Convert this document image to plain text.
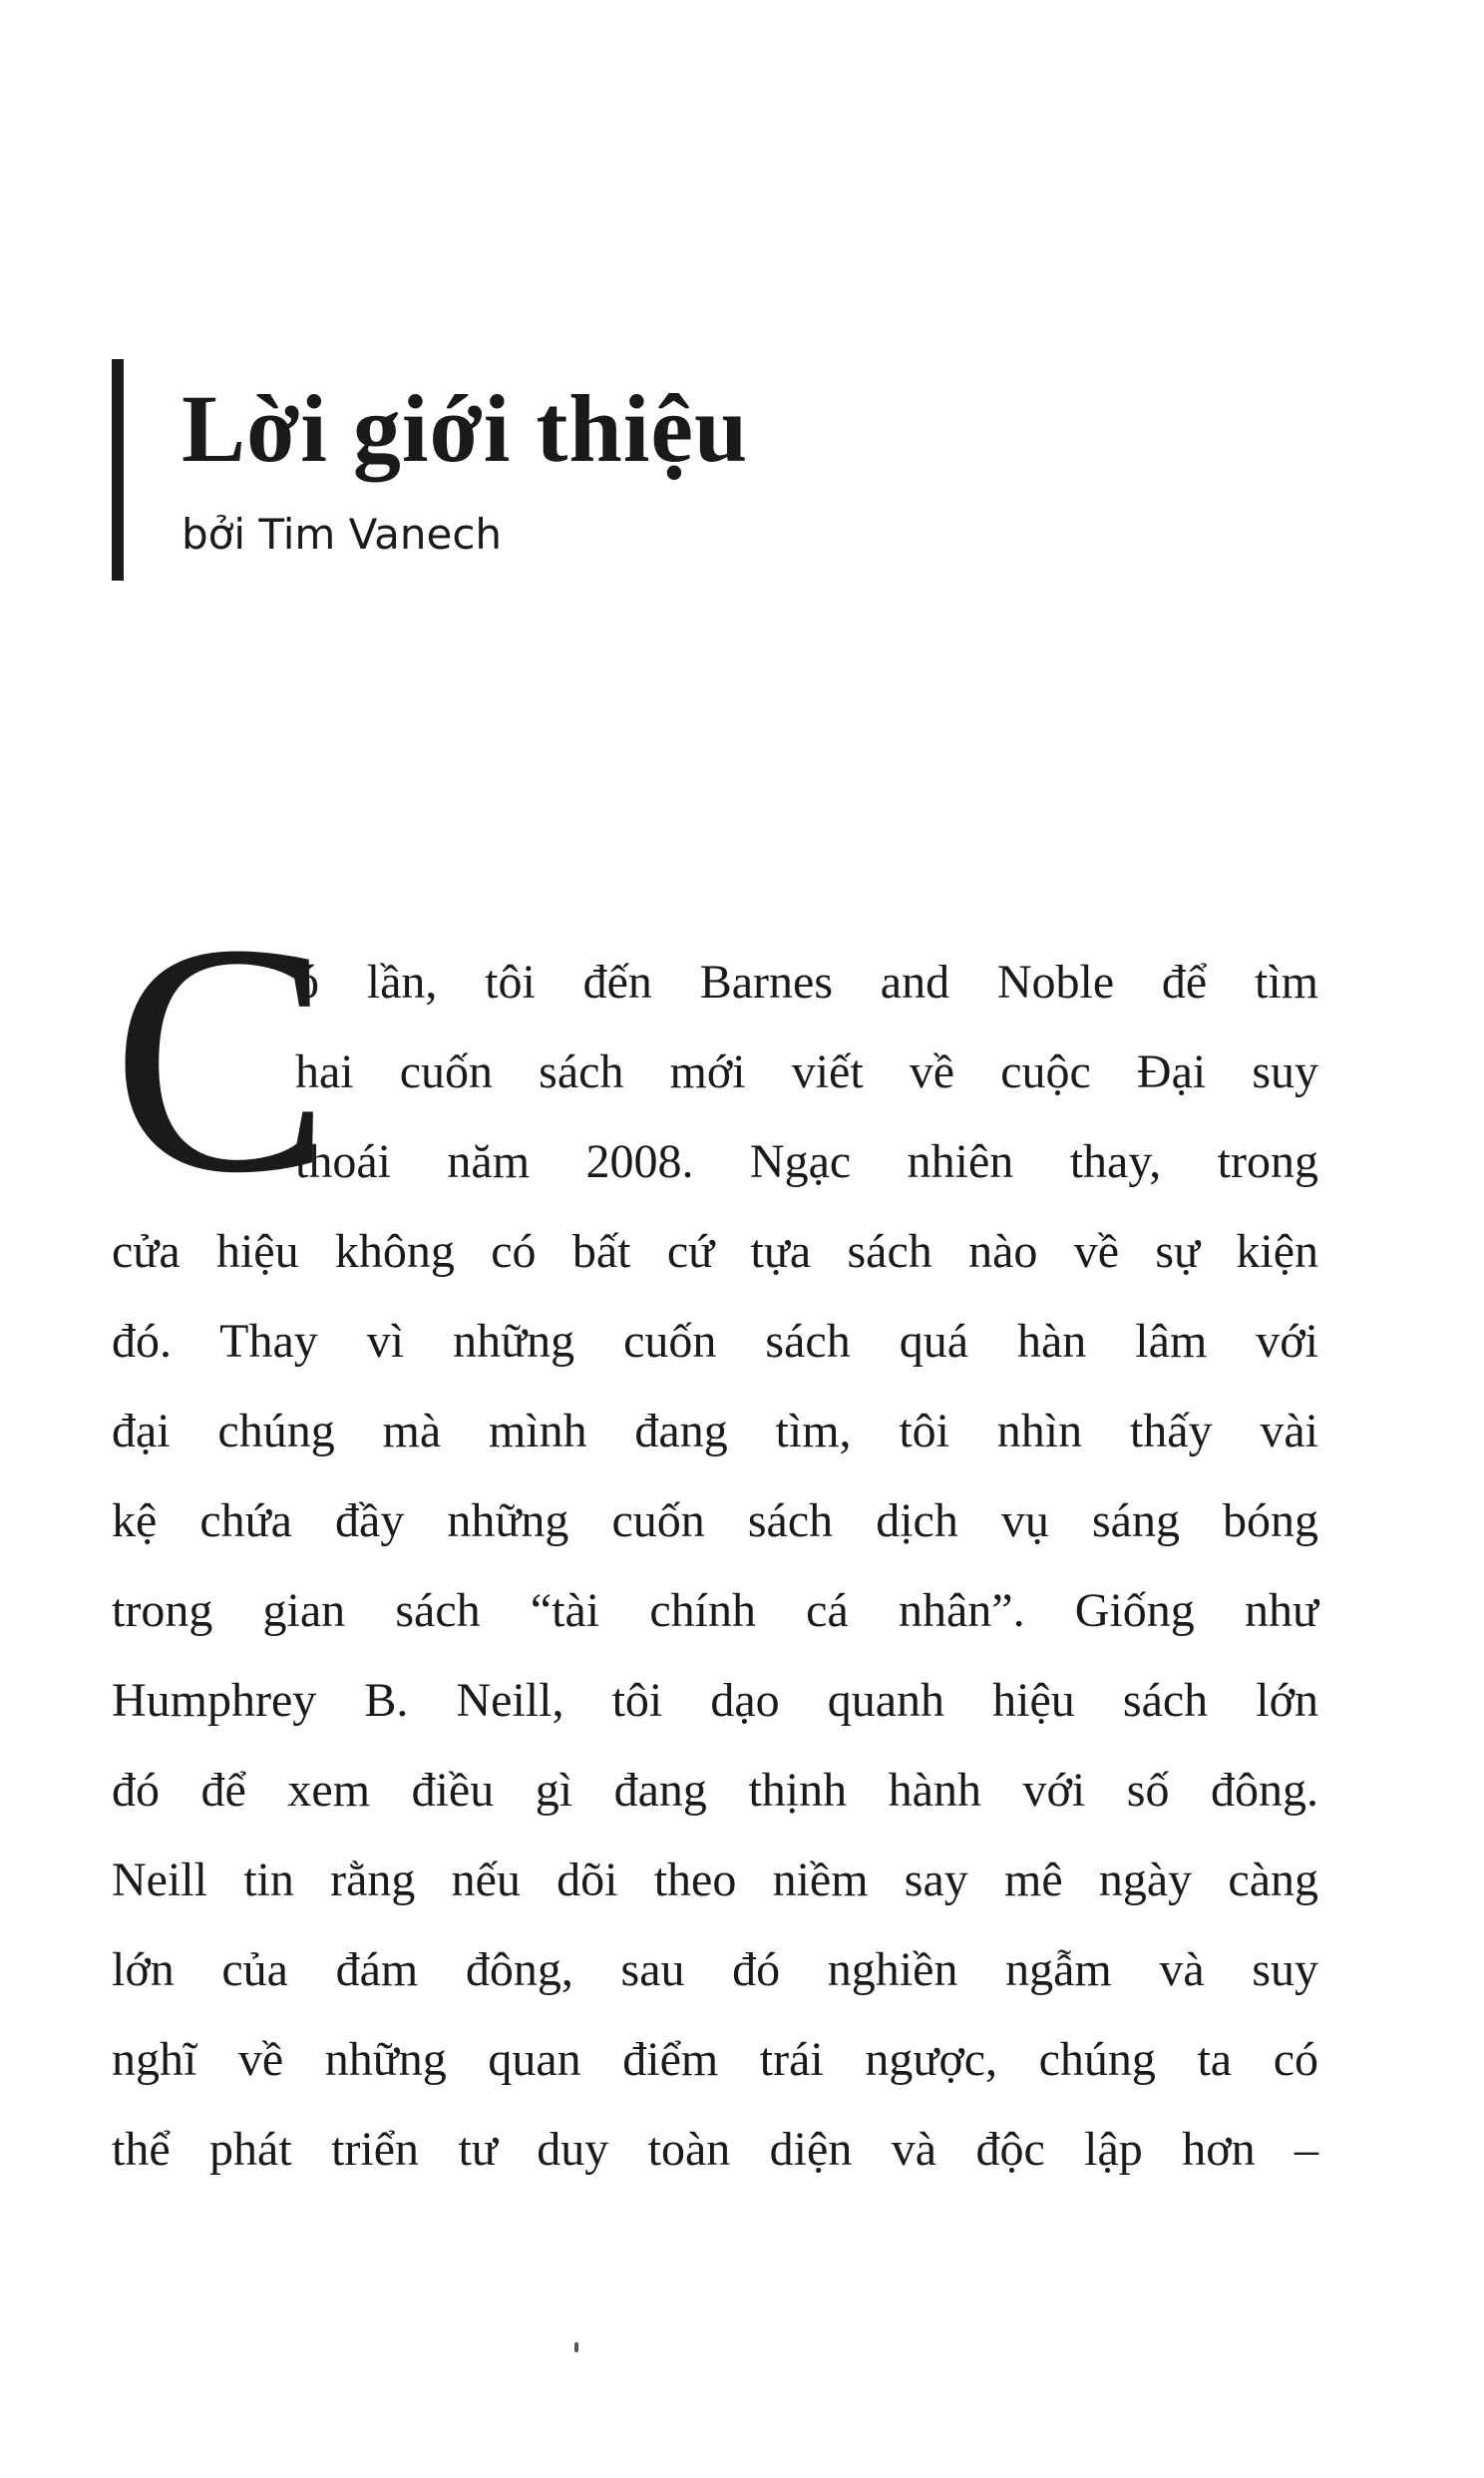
Lời giới thiệu

bởi Tim Vanech

C
ó lần, tôi đến Barnes and Noble để tìm
hai cuốn sách mới viết về cuộc Đại suy
thoái năm 2008. Ngạc nhiên thay, trong
cửa hiệu không có bất cứ tựa sách nào về sự kiện
đó. Thay vì những cuốn sách quá hàn lâm với
đại chúng mà mình đang tìm, tôi nhìn thấy vài
kệ chứa đầy những cuốn sách dịch vụ sáng bóng
trong gian sách “tài chính cá nhân”. Giống như
Humphrey B. Neill, tôi dạo quanh hiệu sách lớn
đó để xem điều gì đang thịnh hành với số đông.
Neill tin rằng nếu dõi theo niềm say mê ngày càng
lớn của đám đông, sau đó nghiền ngẫm và suy
nghĩ về những quan điểm trái ngược, chúng ta có
thể phát triển tư duy toàn diện và độc lập hơn –
